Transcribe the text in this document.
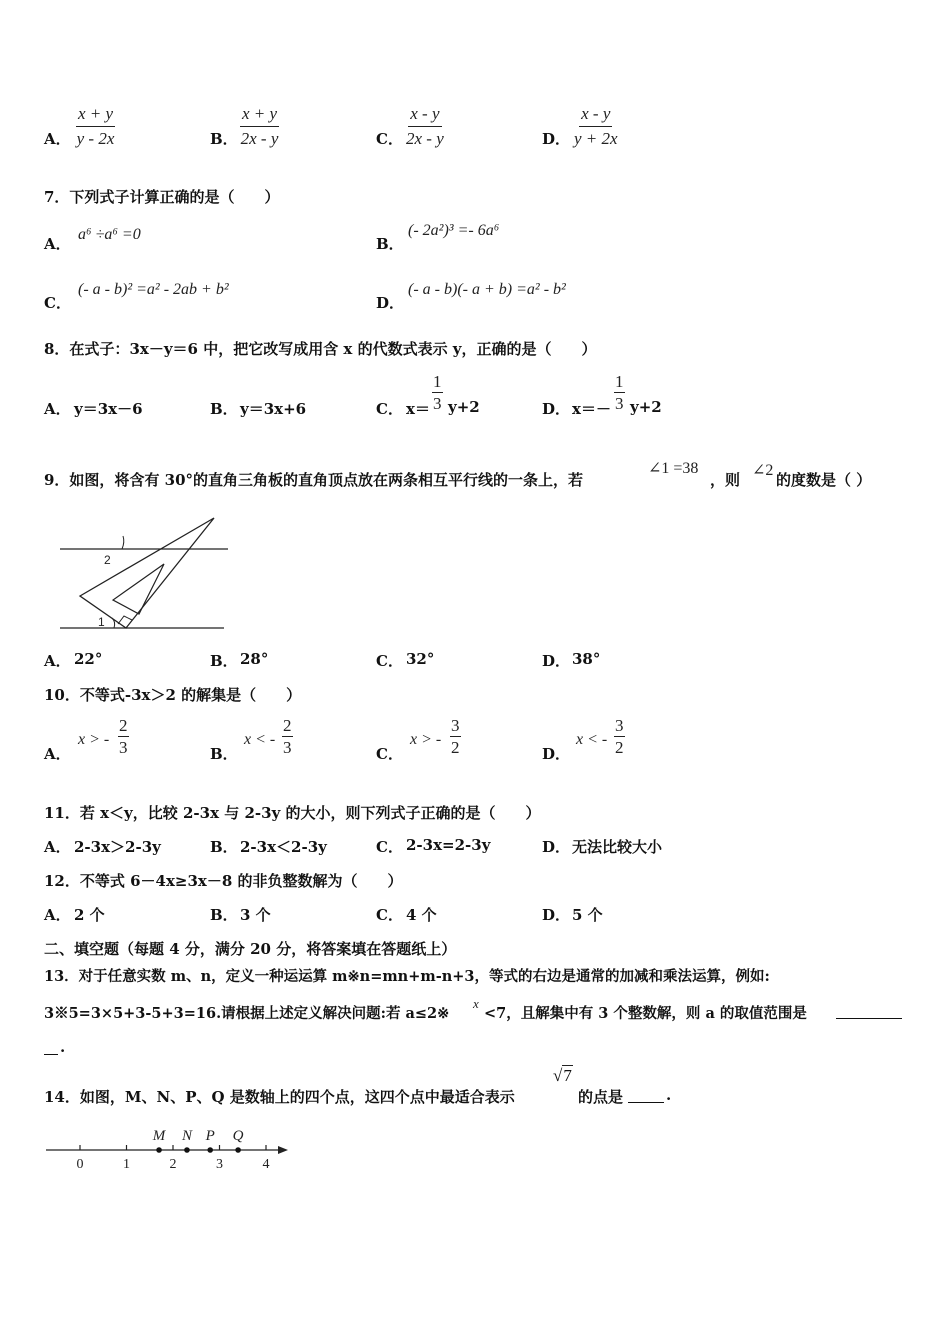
A． $\frac{x + y}{y - 2x}$	B． $\frac{x + y}{2x - y}$	C． $\frac{x - y}{2x - y}$	D． $\frac{x - y}{y + 2x}$
7．下列式子计算正确的是（　　）
A．
a⁶ ÷a⁶ =0
B．
(- 2a²)³ =- 6a⁶
C．
(- a - b)² =a² - 2ab + b²
D．
(- a - b)(- a + b) =a² - b²
8．在式子：3x－y＝6 中，把它改写成用含 x 的代数式表示 y，正确的是（　　）
A． y＝3x－6	B． y＝3x+6	C． $x= \frac{1}{3} y+2$	D． $x=- \frac{1}{3} y+2$
9．如图，将含有 30°的直角三角板的直角顶点放在两条相互平行线的一条上，若
∠1 =38
，则
∠2
的度数是（ ）
2
1
A． 22°	B． 28°	C． 32°	D． 38°
10．不等式-3x＞2 的解集是（　　）
A．
x > - $\frac{2}{3}$	B．
x < - $\frac{2}{3}$	C．
x > - $\frac{3}{2}$	D．
x < - $\frac{3}{2}$
11．若 x＜y，比较 2-3x 与 2-3y 的大小，则下列式子正确的是（　　）
A． 2-3x＞2-3y	B． 2-3x＜2-3y	C． 2-3x=2-3y	D． 无法比较大小
12．不等式 6－4x≥3x－8 的非负整数解为（　　）
A． 2 个	B． 3 个	C． 4 个	D． 5 个
二、填空题（每题 4 分，满分 20 分，将答案填在答题纸上）
13．对于任意实数 m、n，定义一种运运算 m※n=mn+m-n+3，等式的右边是通常的加减和乘法运算，例如:
3※5=3×5+3-5+3=16.请根据上述定义解决问题:若 a≤2※
x
<7，且解集中有 3 个整数解，则 a 的取值范围是
.
14．如图，M、N、P、Q 是数轴上的四个点，这四个点中最适合表示
√7
的点是	.
0	1	2	3	4
M N P Q
